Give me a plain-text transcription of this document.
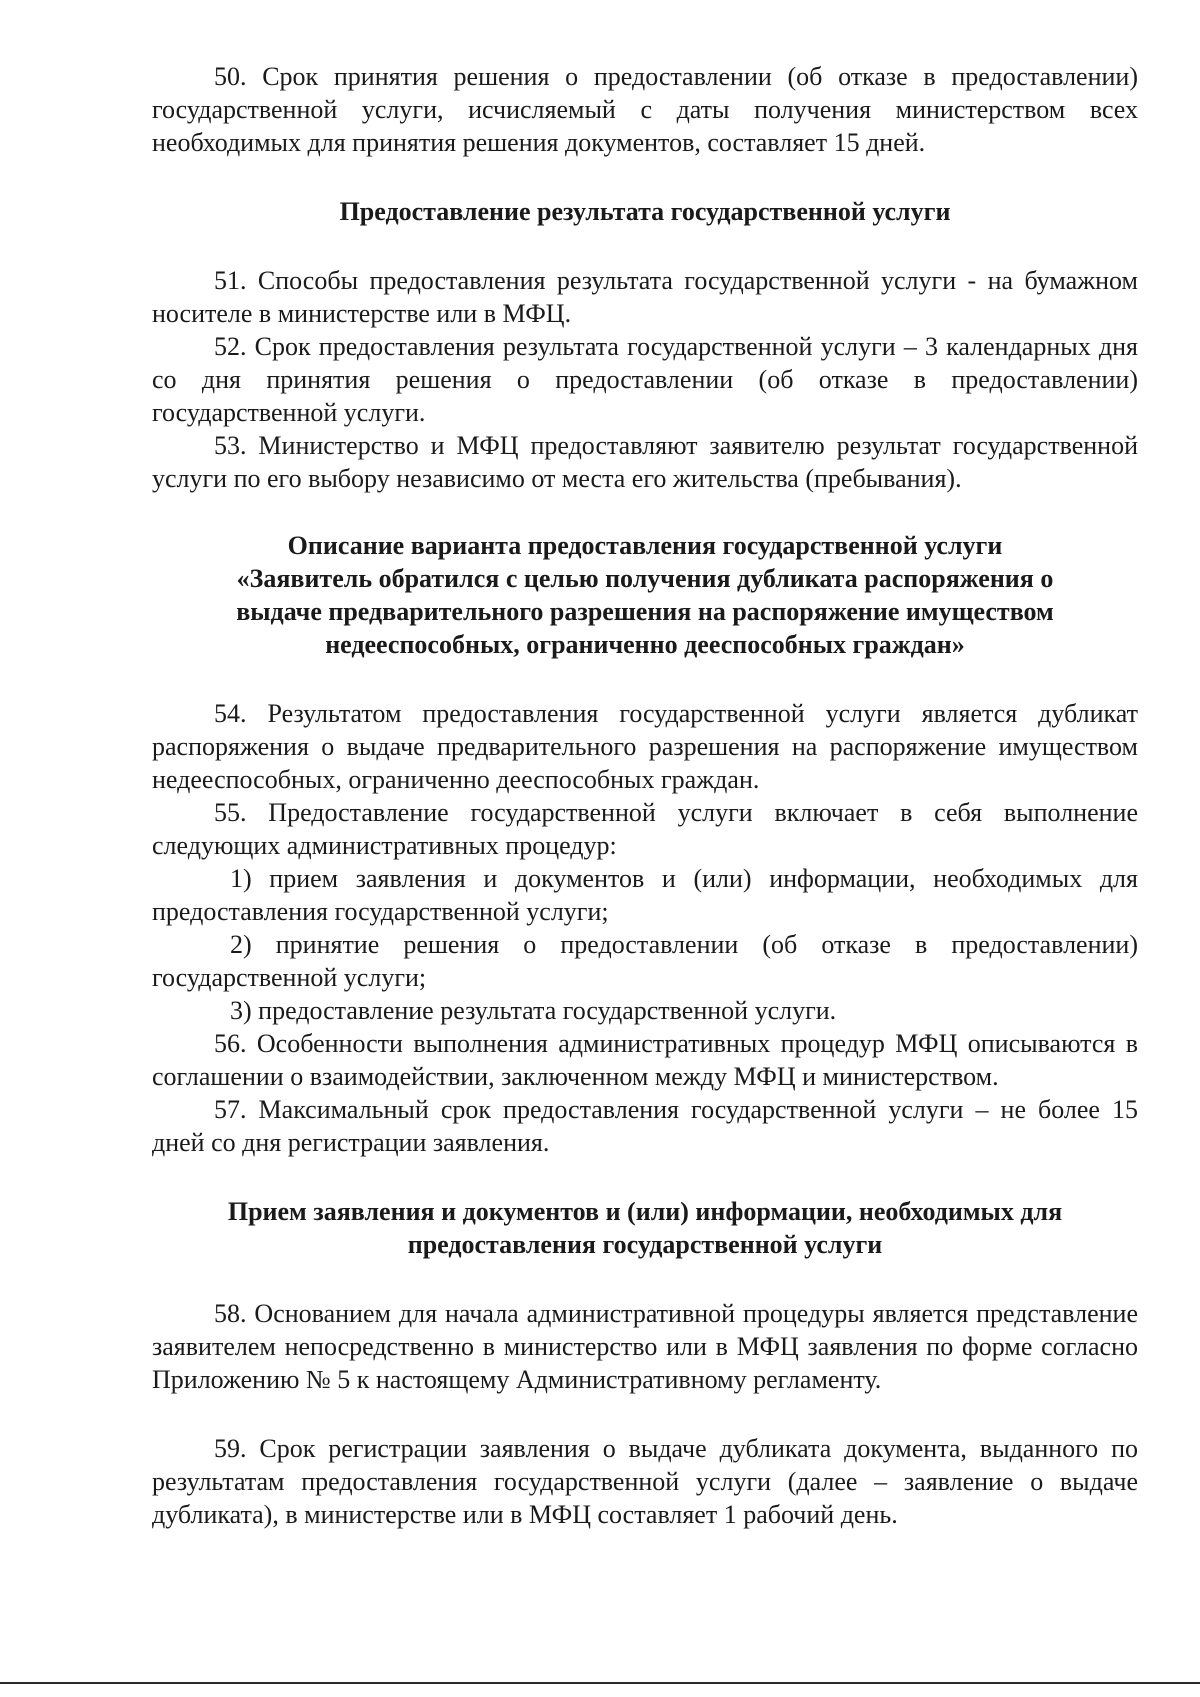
50. Срок принятия решения о предоставлении (об отказе в предоставлении) государственной услуги, исчисляемый с даты получения министерством всех необходимых для принятия решения документов, составляет 15 дней.

Предоставление результата государственной услуги

51. Способы предоставления результата государственной услуги - на бумажном носителе в министерстве или в МФЦ.

52. Срок предоставления результата государственной услуги – 3 календарных дня со дня принятия решения о предоставлении (об отказе в предоставлении) государственной услуги.

53. Министерство и МФЦ предоставляют заявителю результат государственной услуги по его выбору независимо от места его жительства (пребывания).

Описание варианта предоставления государственной услуги

«Заявитель обратился с целью получения дубликата распоряжения о

выдаче предварительного разрешения на распоряжение имуществом

недееспособных, ограниченно дееспособных граждан»

54. Результатом предоставления государственной услуги является дубликат распоряжения о выдаче предварительного разрешения на распоряжение имуществом недееспособных, ограниченно дееспособных граждан.

55. Предоставление государственной услуги включает в себя выполнение следующих административных процедур:

1) прием заявления и документов и (или) информации, необходимых для предоставления государственной услуги;

2) принятие решения о предоставлении (об отказе в предоставлении) государственной услуги;

3) предоставление результата государственной услуги.

56. Особенности выполнения административных процедур МФЦ описываются в соглашении о взаимодействии, заключенном между МФЦ и министерством.

57. Максимальный срок предоставления государственной услуги – не более 15 дней со дня регистрации заявления.

Прием заявления и документов и (или) информации, необходимых для

предоставления государственной услуги

58. Основанием для начала административной процедуры является представление заявителем непосредственно в министерство или в МФЦ заявления по форме согласно Приложению № 5 к настоящему Административному регламенту.

59. Срок регистрации заявления о выдаче дубликата документа, выданного по результатам предоставления государственной услуги (далее – заявление о выдаче дубликата), в министерстве или в МФЦ составляет 1 рабочий день.
